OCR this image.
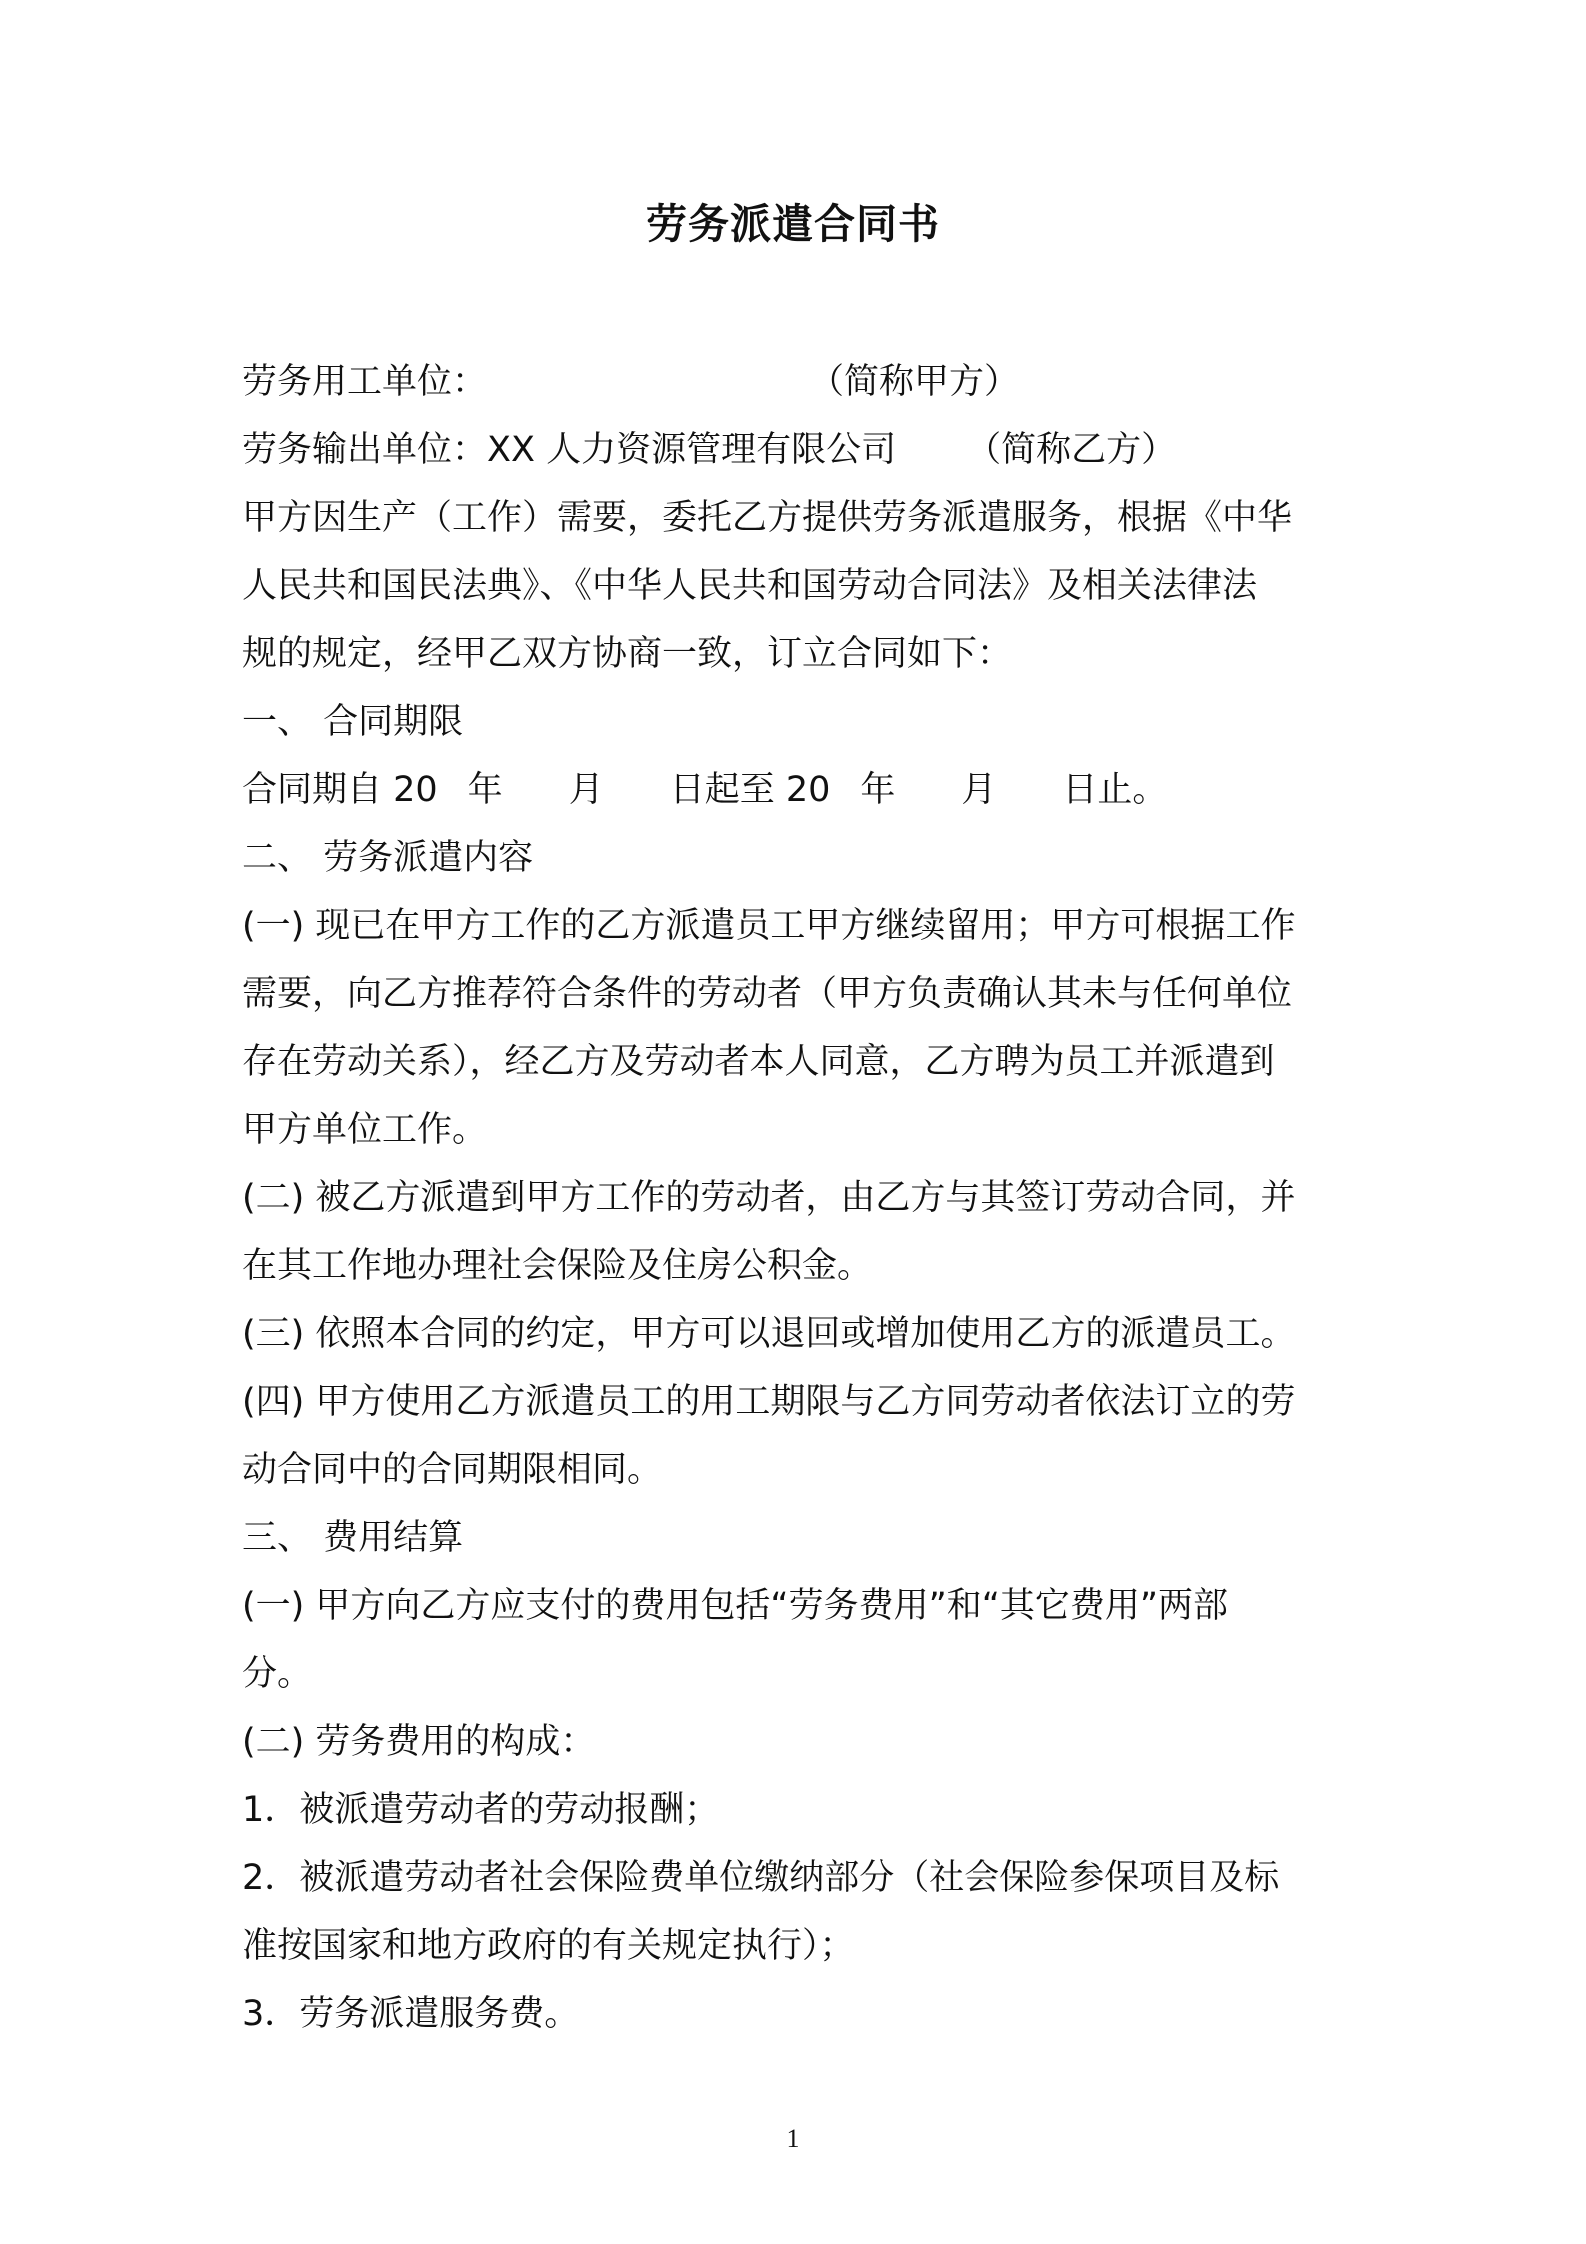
劳务派遣合同书
劳务用工单位：	（简称甲方）
劳务输出单位：XX 人力资源管理有限公司 （简称乙方）
甲方因生产（工作）需要，委托乙方提供劳务派遣服务，根据《中华
人民共和国民法典》、《中华人民共和国劳动合同法》及相关法律法
规的规定，经甲乙双方协商一致，订立合同如下：
一、 合同期限
合同期自 20 年 月 日起至 20 年 月 日止。
二、 劳务派遣内容
(一) 现已在甲方工作的乙方派遣员工甲方继续留用；甲方可根据工作
需要，向乙方推荐符合条件的劳动者（甲方负责确认其未与任何单位
存在劳动关系），经乙方及劳动者本人同意，乙方聘为员工并派遣到
甲方单位工作。
(二) 被乙方派遣到甲方工作的劳动者，由乙方与其签订劳动合同，并
在其工作地办理社会保险及住房公积金。
(三) 依照本合同的约定，甲方可以退回或增加使用乙方的派遣员工。
(四) 甲方使用乙方派遣员工的用工期限与乙方同劳动者依法订立的劳
动合同中的合同期限相同。
三、 费用结算
(一) 甲方向乙方应支付的费用包括“劳务费用”和“其它费用”两部
分。
(二) 劳务费用的构成：
1．被派遣劳动者的劳动报酬；
2．被派遣劳动者社会保险费单位缴纳部分（社会保险参保项目及标
准按国家和地方政府的有关规定执行）；
3．劳务派遣服务费。
1
